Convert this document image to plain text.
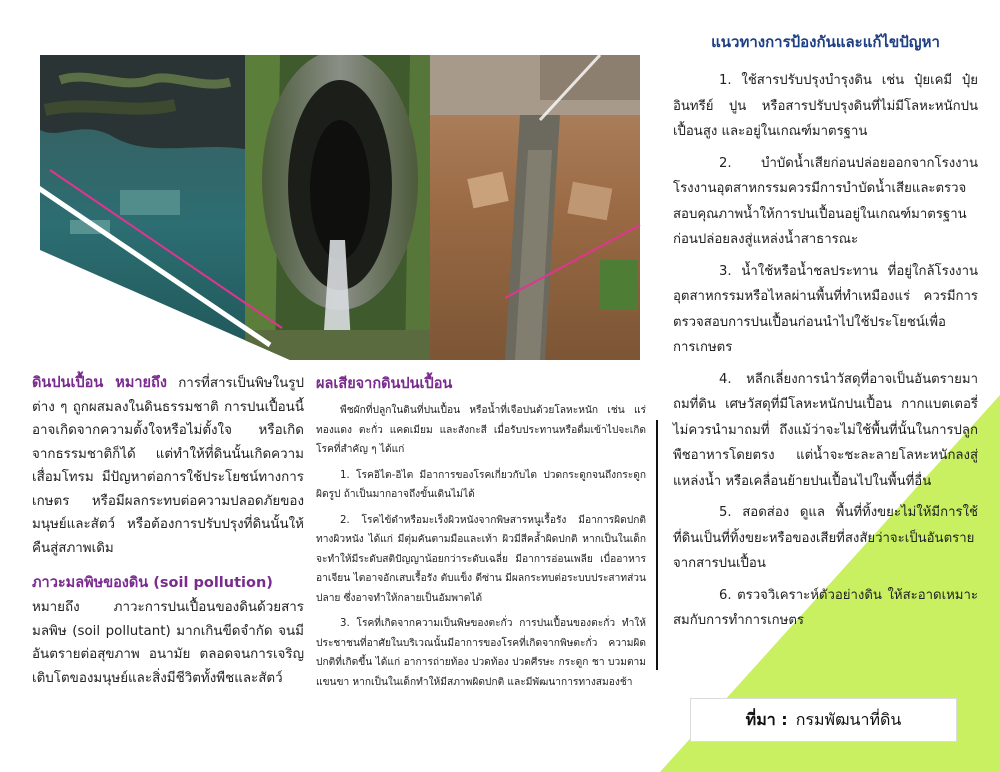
ดินปนเปื้อน หมายถึง การที่สารเป็นพิษในรูปต่าง ๆ ถูกผสมลงในดินธรรมชาติ การปนเปื้อนนี้อาจเกิดจากความตั้งใจหรือไม่ตั้งใจ หรือเกิดจากธรรมชาติก็ได้ แต่ทำให้ที่ดินนั้นเกิดความเสื่อมโทรม มีปัญหาต่อการใช้ประโยชน์ทางการเกษตร หรือมีผลกระทบต่อความปลอดภัยของมนุษย์และสัตว์ หรือต้องการปรับปรุงที่ดินนั้นให้คืนสู่สภาพเดิม

ภาวะมลพิษของดิน (soil pollution)

หมายถึง ภาวะการปนเปื้อนของดินด้วยสารมลพิษ (soil pollutant) มากเกินขีดจำกัด จนมีอันตรายต่อสุขภาพ อนามัย ตลอดจนการเจริญเติบโตของมนุษย์และสิ่งมีชีวิตทั้งพืชและสัตว์

ผลเสียจากดินปนเปื้อน

พืชผักที่ปลูกในดินที่ปนเปื้อน หรือน้ำที่เจือปนด้วยโลหะหนัก เช่น แร่ทองแดง ตะกั่ว แคดเมียม และสังกะสี เมื่อรับประทานหรือดื่มเข้าไปจะเกิดโรคที่สำคัญ ๆ ได้แก่

1. โรคอิไต-อิไต มีอาการของโรคเกี่ยวกับไต ปวดกระดูกจนถึงกระดูกผิดรูป ถ้าเป็นมากอาจถึงขั้นเดินไม่ได้

2. โรคไข้ดำหรือมะเร็งผิวหนังจากพิษสารหนูเรื้อรัง มีอาการผิดปกติทางผิวหนัง ได้แก่ มีตุ่มคันตามมือและเท้า ผิวมีสีคล้ำผิดปกติ หากเป็นในเด็กจะทำให้มีระดับสติปัญญาน้อยกว่าระดับเฉลี่ย มีอาการอ่อนเพลีย เบื่ออาหาร อาเจียน ไตอาจอักเสบเรื้อรัง ตับแข็ง ดีซ่าน มีผลกระทบต่อระบบประสาทส่วนปลาย ซึ่งอาจทำให้กลายเป็นอัมพาตได้

3. โรคที่เกิดจากความเป็นพิษของตะกั่ว การปนเปื้อนของตะกั่ว ทำให้ประชาชนที่อาศัยในบริเวณนั้นมีอาการของโรคที่เกิดจากพิษตะกั่ว ความผิดปกติที่เกิดขึ้น ได้แก่ อาการถ่ายท้อง ปวดท้อง ปวดศีรษะ กระดูก ชา บวมตามแขนขา หากเป็นในเด็กทำให้มีสภาพผิดปกติ และมีพัฒนาการทางสมองช้า

แนวทางการป้องกันและแก้ไขปัญหา

1. ใช้สารปรับปรุงบำรุงดิน เช่น ปุ๋ยเคมี ปุ๋ยอินทรีย์ ปูน หรือสารปรับปรุงดินที่ไม่มีโลหะหนักปนเปื้อนสูง และอยู่ในเกณฑ์มาตรฐาน

2. บำบัดน้ำเสียก่อนปล่อยออกจากโรงงาน โรงงานอุตสาหกรรมควรมีการบำบัดน้ำเสียและตรวจสอบคุณภาพน้ำให้การปนเปื้อนอยู่ในเกณฑ์มาตรฐานก่อนปล่อยลงสู่แหล่งน้ำสาธารณะ

3. น้ำใช้หรือน้ำชลประทาน ที่อยู่ใกล้โรงงานอุตสาหกรรมหรือไหลผ่านพื้นที่ทำเหมืองแร่ ควรมีการตรวจสอบการปนเปื้อนก่อนนำไปใช้ประโยชน์เพื่อการเกษตร

4. หลีกเลี่ยงการนำวัสดุที่อาจเป็นอันตรายมาถมที่ดิน เศษวัสดุที่มีโลหะหนักปนเปื้อน กากแบตเตอรี่ ไม่ควรนำมาถมที่ ถึงแม้ว่าจะไม่ใช้พื้นที่นั้นในการปลูกพืชอาหารโดยตรง แต่น้ำจะชะละลายโลหะหนักลงสู่แหล่งน้ำ หรือเคลื่อนย้ายปนเปื้อนไปในพื้นที่อื่น

5. สอดส่อง ดูแล พื้นที่ทิ้งขยะไม่ให้มีการใช้ที่ดินเป็นที่ทิ้งขยะหรือของเสียที่สงสัยว่าจะเป็นอันตรายจากสารปนเปื้อน

6. ตรวจวิเคราะห์ตัวอย่างดิน ให้สะอาดเหมาะสมกับการทำการเกษตร

ที่มา : กรมพัฒนาที่ดิน
